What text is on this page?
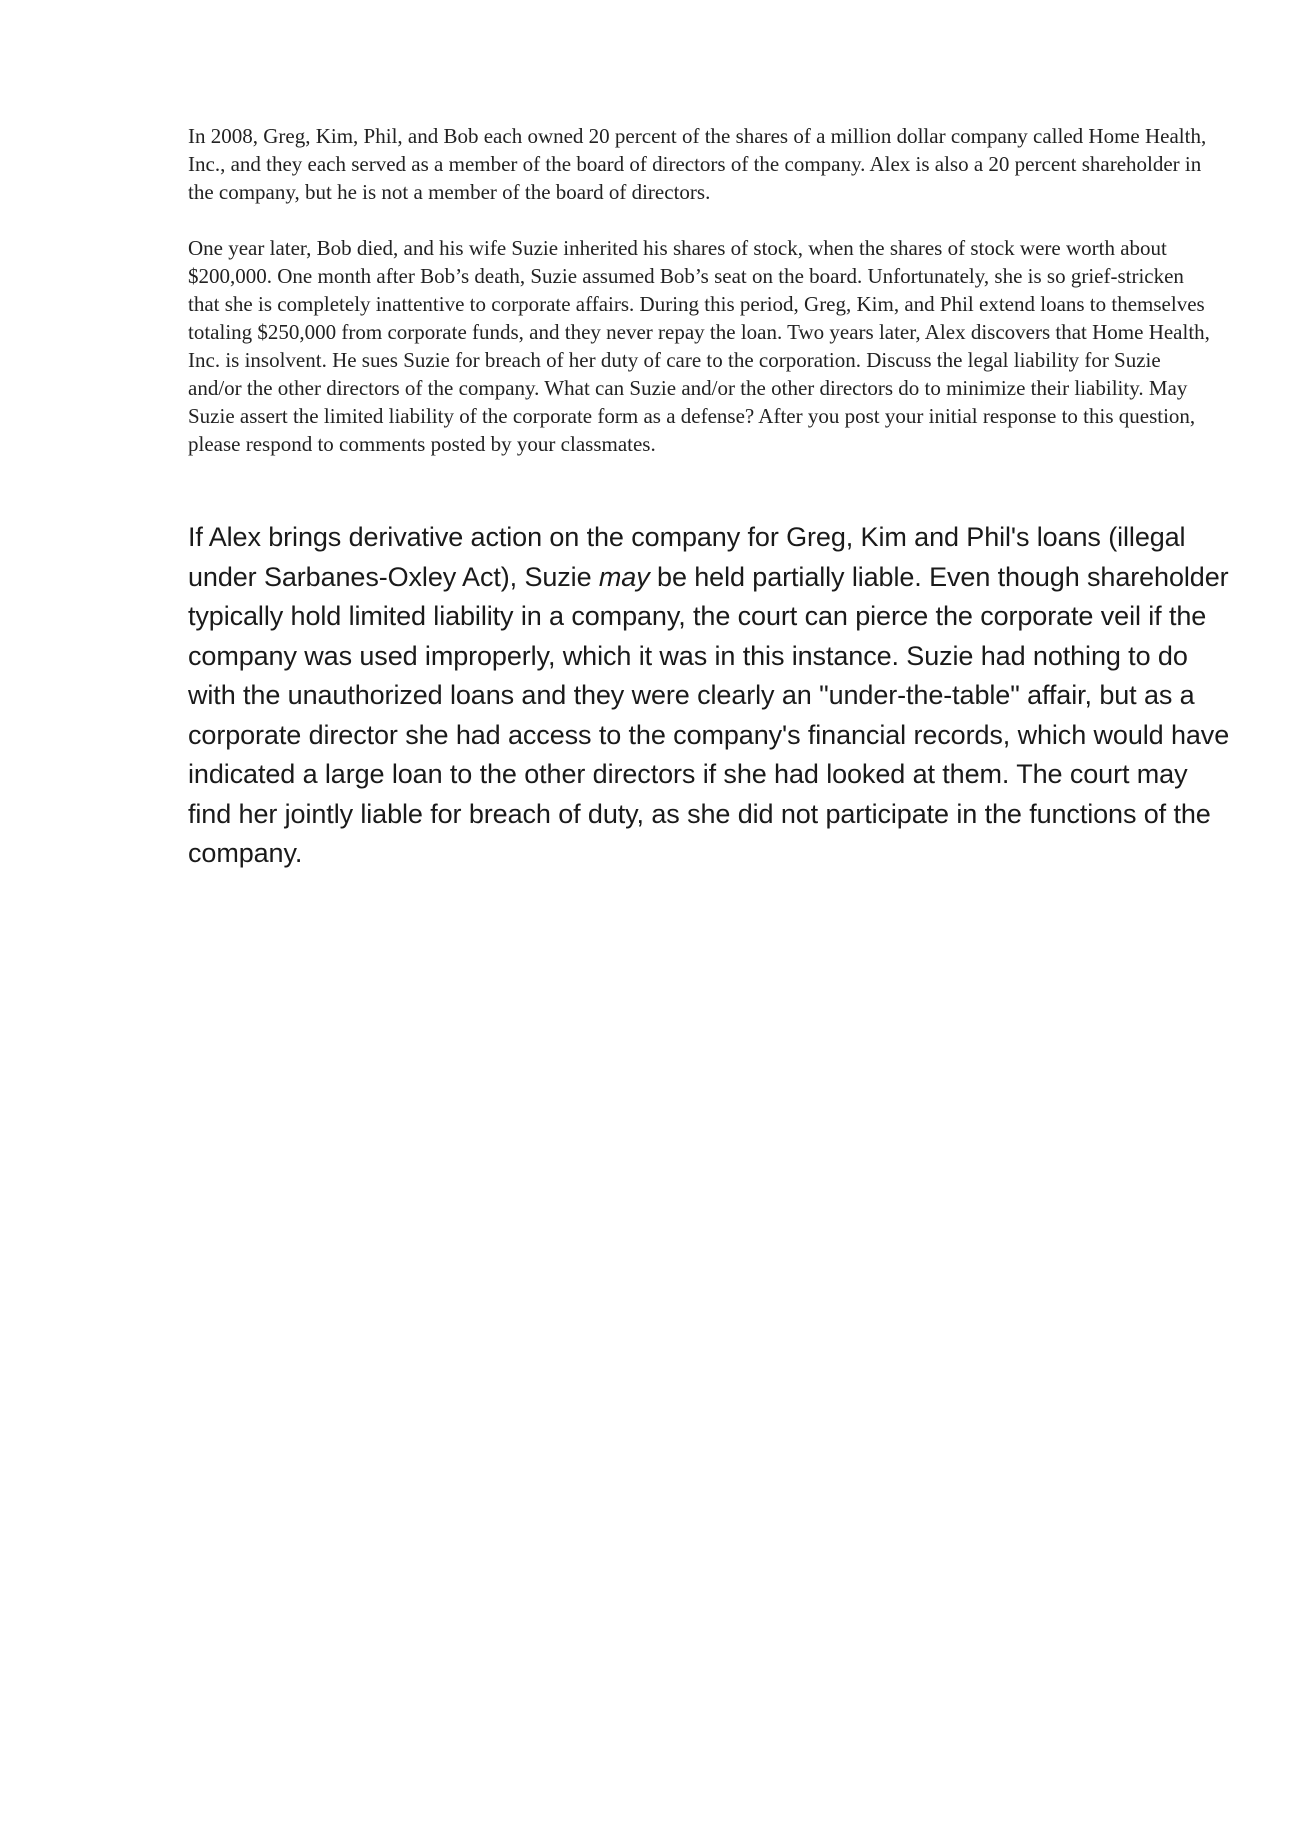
In 2008, Greg, Kim, Phil, and Bob each owned 20 percent of the shares of a million dollar company called Home Health, Inc., and they each served as a member of the board of directors of the company. Alex is also a 20 percent shareholder in the company, but he is not a member of the board of directors.

One year later, Bob died, and his wife Suzie inherited his shares of stock, when the shares of stock were worth about $200,000. One month after Bob’s death, Suzie assumed Bob’s seat on the board. Unfortunately, she is so grief-stricken that she is completely inattentive to corporate affairs. During this period, Greg, Kim, and Phil extend loans to themselves totaling $250,000 from corporate funds, and they never repay the loan. Two years later, Alex discovers that Home Health, Inc. is insolvent. He sues Suzie for breach of her duty of care to the corporation. Discuss the legal liability for Suzie and/or the other directors of the company. What can Suzie and/or the other directors do to minimize their liability. May Suzie assert the limited liability of the corporate form as a defense? After you post your initial response to this question, please respond to comments posted by your classmates.

If Alex brings derivative action on the company for Greg, Kim and Phil's loans (illegal under Sarbanes-Oxley Act), Suzie may be held partially liable. Even though shareholder typically hold limited liability in a company, the court can pierce the corporate veil if the company was used improperly, which it was in this instance. Suzie had nothing to do with the unauthorized loans and they were clearly an "under-the-table" affair, but as a corporate director she had access to the company's financial records, which would have indicated a large loan to the other directors if she had looked at them. The court may find her jointly liable for breach of duty, as she did not participate in the functions of the company.
